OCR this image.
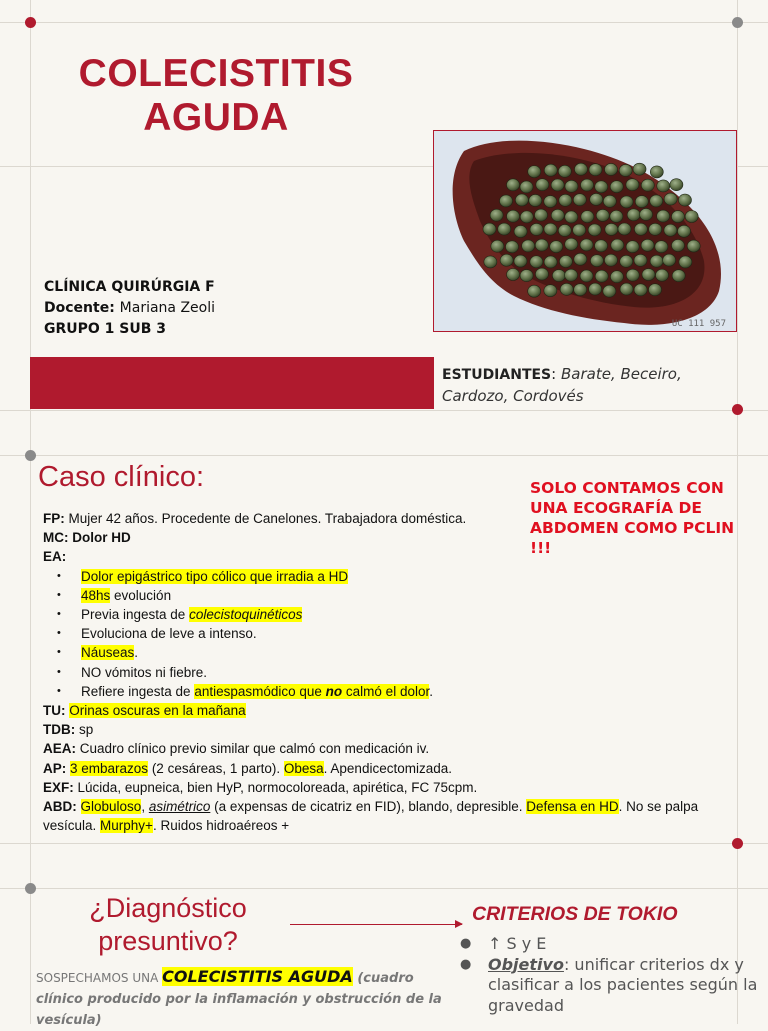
COLECISTITIS
AGUDA
UC 111 957
CLÍNICA QUIRÚRGIA F
Docente: Mariana Zeoli
GRUPO 1 SUB 3
ESTUDIANTES: Barate, Beceiro, Cardozo, Cordovés
Caso clínico:	SOLO CONTAMOS CON UNA ECOGRAFÍA DE ABDOMEN COMO PCLIN !!!
FP: Mujer 42 años. Procedente de Canelones. Trabajadora doméstica.
MC: Dolor HD
EA:
• Dolor epigástrico tipo cólico que irradia a HD
• 48hs evolución
• Previa ingesta de colecistoquinéticos
• Evoluciona de leve a intenso.
• Náuseas.
• NO vómitos ni fiebre.
• Refiere ingesta de antiespasmódico que no calmó el dolor.
TU: Orinas oscuras en la mañana
TDB: sp
AEA: Cuadro clínico previo similar que calmó con medicación iv.
AP: 3 embarazos (2 cesáreas, 1 parto). Obesa. Apendicectomizada.
EXF: Lúcida, eupneica, bien HyP, normocoloreada, apirética, FC 75cpm.
ABD: Globuloso, asimétrico (a expensas de cicatriz en FID), blando, depresible. Defensa en HD. No se palpa vesícula. Murphy+. Ruidos hidroaéreos +
¿Diagnóstico
presuntivo?
CRITERIOS DE TOKIO
● ↑ S y E
● Objetivo: unificar criterios dx y clasificar a los pacientes según la gravedad
SOSPECHAMOS UNA COLECISTITIS AGUDA (cuadro clínico producido por la inflamación y obstrucción de la vesícula)
